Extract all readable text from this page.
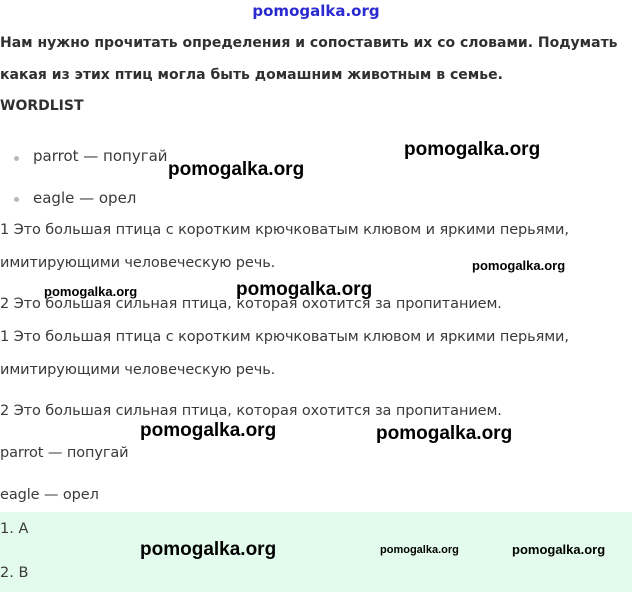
pomogalka.org
Нам нужно прочитать определения и сопоставить их со словами. Подумать
какая из этих птиц могла быть домашним животным в семье.
WORDLIST
parrot — попугай
eagle — орел
1 Это большая птица с коротким крючковатым клювом и яркими перьями,
имитирующими человеческую речь.
2 Это большая сильная птица, которая охотится за пропитанием.
1 Это большая птица с коротким крючковатым клювом и яркими перьями,
имитирующими человеческую речь.
2 Это большая сильная птица, которая охотится за пропитанием.
parrot — попугай
eagle — орел
1. А
2. В
pomogalka.org
pomogalka.org
pomogalka.org
pomogalka.org	pomogalka.org
pomogalka.org	pomogalka.org
pomogalka.org	pomogalka.org	pomogalka.org
